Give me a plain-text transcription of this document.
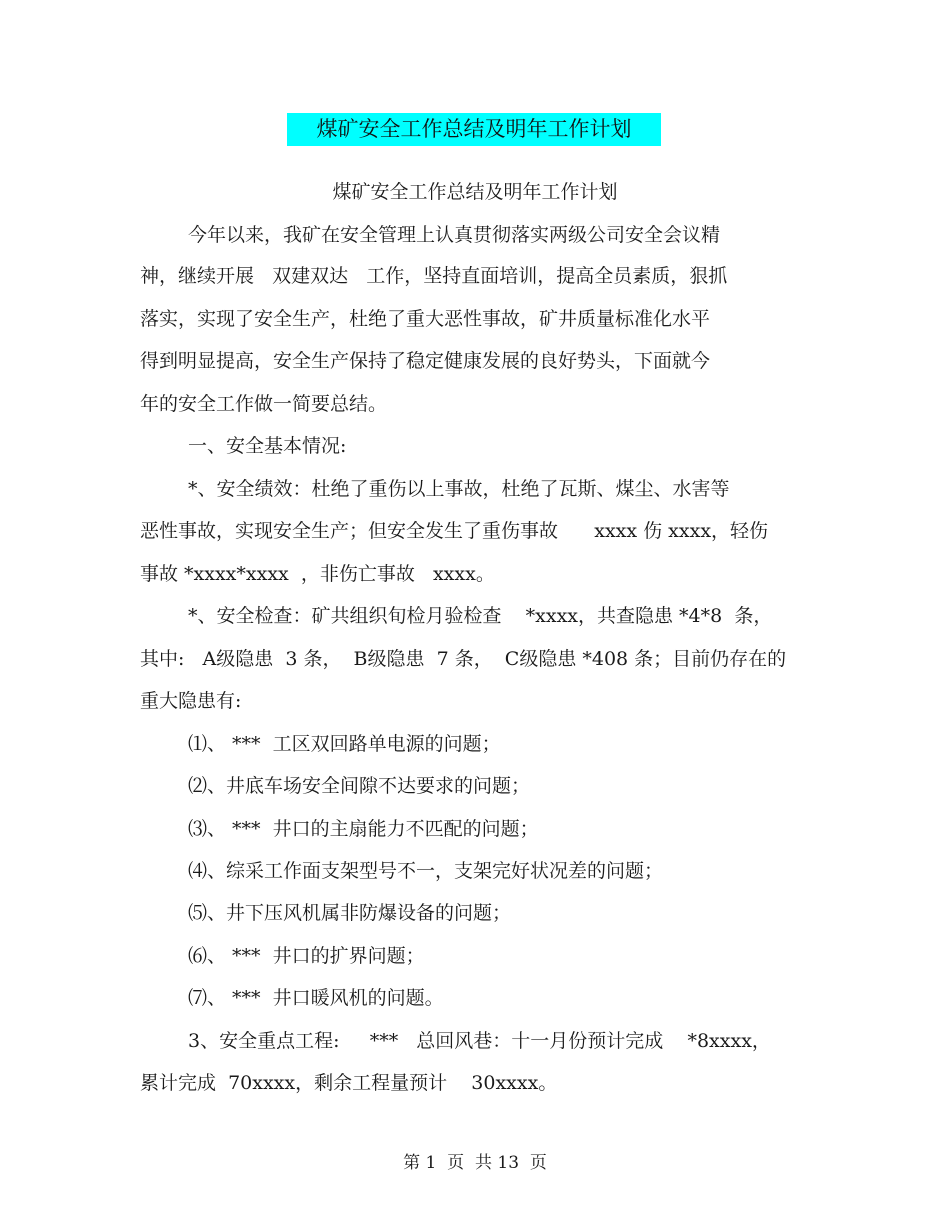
煤矿安全工作总结及明年工作计划
煤矿安全工作总结及明年工作计划
今年以来，我矿在安全管理上认真贯彻落实两级公司安全会议精
神，继续开展   双建双达   工作，坚持直面培训，提高全员素质，狠抓
落实，实现了安全生产，杜绝了重大恶性事故，矿井质量标准化水平
得到明显提高，安全生产保持了稳定健康发展的良好势头，下面就今
年的安全工作做一简要总结。
一、安全基本情况:
*、安全绩效：杜绝了重伤以上事故，杜绝了瓦斯、煤尘、水害等
恶性事故，实现安全生产；但安全发生了重伤事故      xxxx 伤 xxxx，轻伤
事故 *xxxx*xxxx  ，非伤亡事故   xxxx。
*、安全检查：矿共组织旬检月验检查    *xxxx，共查隐患 *4*8  条，
其中:   A级隐患  3 条，  B级隐患  7 条，  C级隐患 *408 条；目前仍存在的
重大隐患有:
⑴、 ***  工区双回路单电源的问题；
⑵、井底车场安全间隙不达要求的问题；
⑶、 ***  井口的主扇能力不匹配的问题；
⑷、综采工作面支架型号不一，支架完好状况差的问题；
⑸、井下压风机属非防爆设备的问题；
⑹、 ***  井口的扩界问题；
⑺、 ***  井口暖风机的问题。
3、安全重点工程:     ***   总回风巷：十一月份预计完成    *8xxxx，
累计完成  70xxxx，剩余工程量预计    30xxxx。
第 1  页  共 13  页
